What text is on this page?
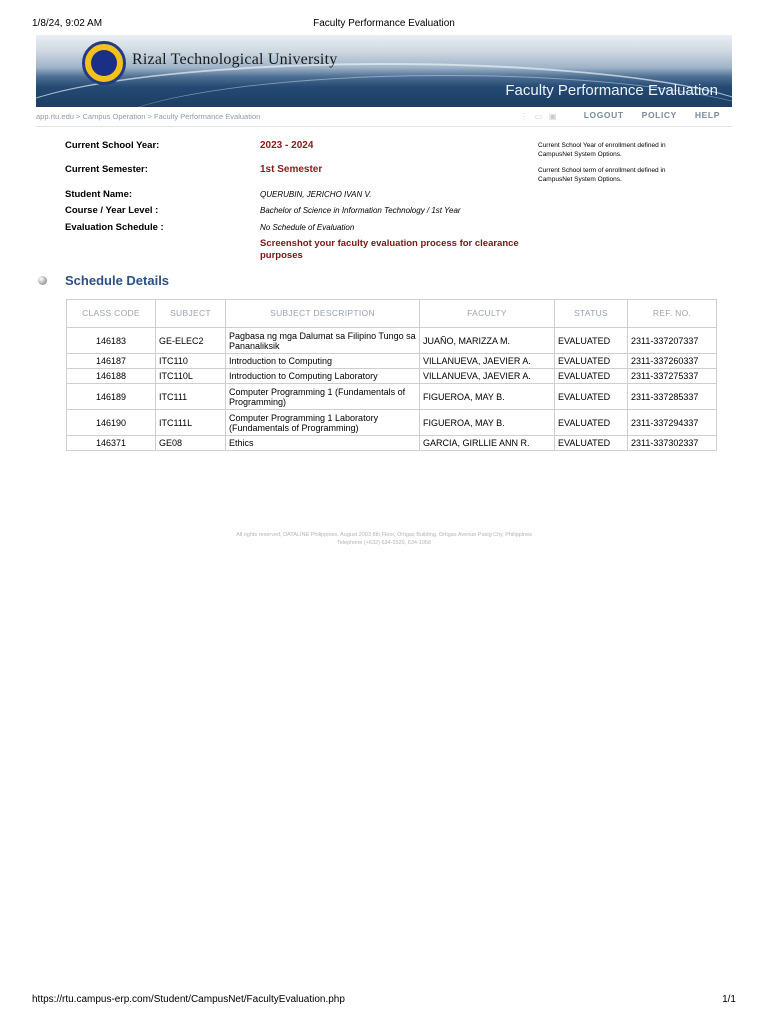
1/8/24, 9:02 AM	Faculty Performance Evaluation
Rizal Technological University
Faculty Performance Evaluation
app.rtu.edu > Campus Operation > Faculty Performance Evaluation	⋮ ▭ ▣	LOGOUT POLICY HELP
Current School Year:	2023 - 2024
Current Semester:	1st Semester
Student Name:	QUERUBIN, JERICHO IVAN V.
Course / Year Level :	Bachelor of Science in Information Technology / 1st Year
Evaluation Schedule :	No Schedule of Evaluation
Screenshot your faculty evaluation process for clearance purposes
Current School Year of enrollment defined in CampusNet System Options.
Current School term of enrollment defined in CampusNet System Options.
Schedule Details
CLASS CODE	SUBJECT	SUBJECT DESCRIPTION	FACULTY	STATUS	REF. NO.
146183	GE-ELEC2	Pagbasa ng mga Dalumat sa Filipino Tungo sa Pananaliksik	JUAÑO, MARIZZA M.	EVALUATED	2311-337207337
146187	ITC110	Introduction to Computing	VILLANUEVA, JAEVIER A.	EVALUATED	2311-337260337
146188	ITC110L	Introduction to Computing Laboratory	VILLANUEVA, JAEVIER A.	EVALUATED	2311-337275337
146189	ITC111	Computer Programming 1 (Fundamentals of Programming)	FIGUEROA, MAY B.	EVALUATED	2311-337285337
146190	ITC111L	Computer Programming 1 Laboratory (Fundamentals of Programming)	FIGUEROA, MAY B.	EVALUATED	2311-337294337
146371	GE08	Ethics	GARCIA, GIRLLIE ANN R.	EVALUATED	2311-337302337
All rights reserved, DATALINE Philippines. August 2003 8th Floor, Ortigas Building, Ortigas Avenue Pasig City, Philippines
Telephone (+632) 634-1529, 634-1958
https://rtu.campus-erp.com/Student/CampusNet/FacultyEvaluation.php	1/1
